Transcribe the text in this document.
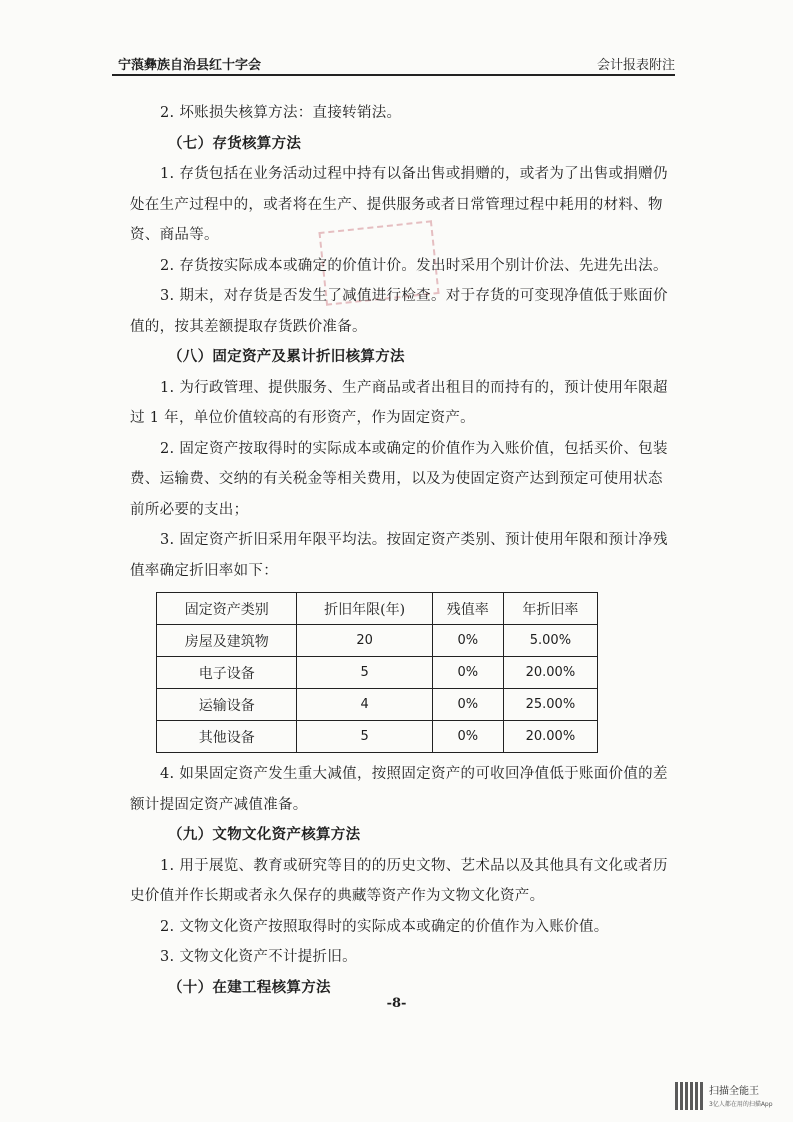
宁蒗彝族自治县红十字会	会计报表附注

2. 坏账损失核算方法：直接转销法。

（七）存货核算方法

1. 存货包括在业务活动过程中持有以备出售或捐赠的，或者为了出售或捐赠仍处在生产过程中的，或者将在生产、提供服务或者日常管理过程中耗用的材料、物资、商品等。

2. 存货按实际成本或确定的价值计价。发出时采用个别计价法、先进先出法。

3. 期末，对存货是否发生了减值进行检查。对于存货的可变现净值低于账面价值的，按其差额提取存货跌价准备。

（八）固定资产及累计折旧核算方法

1. 为行政管理、提供服务、生产商品或者出租目的而持有的，预计使用年限超过 1 年，单位价值较高的有形资产，作为固定资产。

2. 固定资产按取得时的实际成本或确定的价值作为入账价值，包括买价、包装费、运输费、交纳的有关税金等相关费用，以及为使固定资产达到预定可使用状态前所必要的支出；

3. 固定资产折旧采用年限平均法。按固定资产类别、预计使用年限和预计净残值率确定折旧率如下：

固定资产类别	折旧年限(年)	残值率	年折旧率
房屋及建筑物	20	0%	5.00%
电子设备	5	0%	20.00%
运输设备	4	0%	25.00%
其他设备	5	0%	20.00%

4. 如果固定资产发生重大减值，按照固定资产的可收回净值低于账面价值的差额计提固定资产减值准备。

（九）文物文化资产核算方法

1. 用于展览、教育或研究等目的的历史文物、艺术品以及其他具有文化或者历史价值并作长期或者永久保存的典藏等资产作为文物文化资产。

2. 文物文化资产按照取得时的实际成本或确定的价值作为入账价值。

3. 文物文化资产不计提折旧。

（十）在建工程核算方法

-8-
扫描全能王
3亿人都在用的扫描App
